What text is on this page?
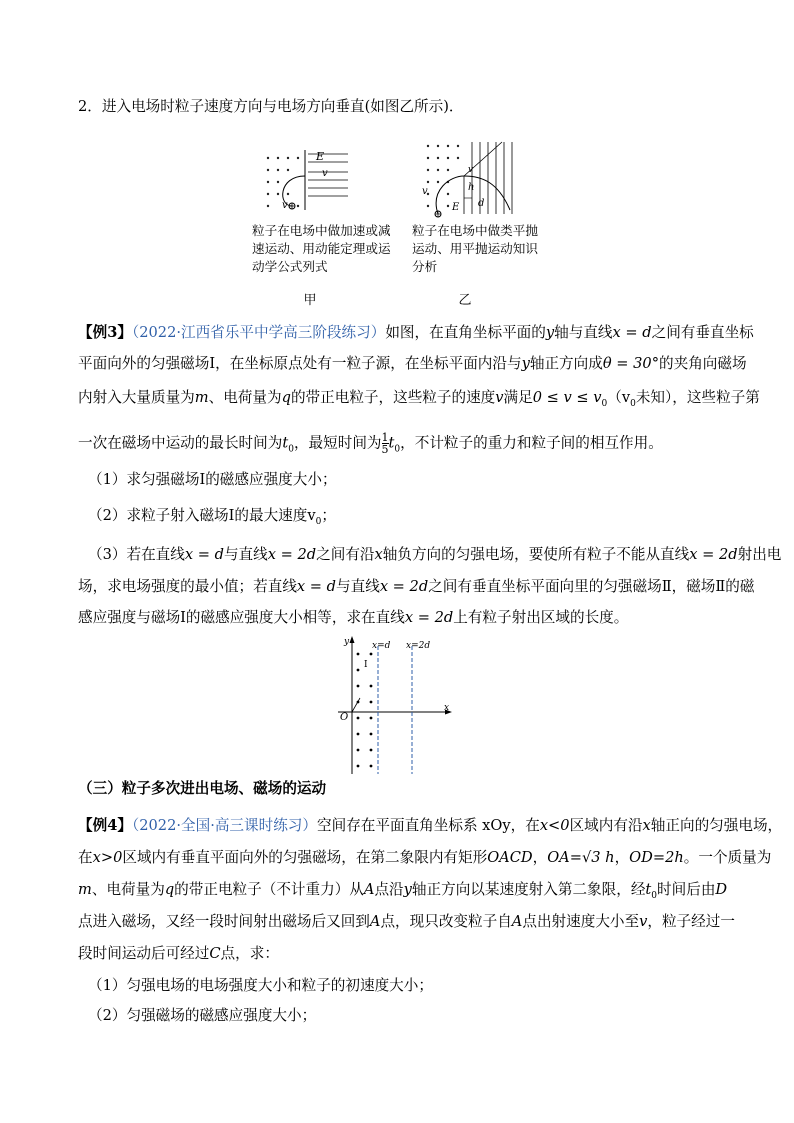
2．进入电场时粒子速度方向与电场方向垂直(如图乙所示)．
E
v
v
粒子在电场中做加速或减
速运动、用动能定理或运
动学公式列式
甲
v
v	h
E d
粒子在电场中做类平抛
运动、用平抛运动知识
分析
乙
【例3】（2022·江西省乐平中学高三阶段练习）如图，在直角坐标平面的y轴与直线x = d之间有垂直坐标
平面向外的匀强磁场Ⅰ，在坐标原点处有一粒子源，在坐标平面内沿与y轴正方向成θ = 30°的夹角向磁场
内射入大量质量为m、电荷量为q的带正电粒子，这些粒子的速度v满足$0 \le v \le v_0(v_0$未知），这些粒子第
一次在磁场中运动的最长时间为$t_0$，最短时间为 $\frac{1}{5} t_0$，不计粒子的重力和粒子间的相互作用。
（1）求匀强磁场Ⅰ的磁感应强度大小；
（2）求粒子射入磁场Ⅰ的最大速度$v_0$；
（3）若在直线x = d与直线x = 2d之间有沿x轴负方向的匀强电场，要使所有粒子不能从直线x = 2d射出电
场，求电场强度的最小值；若直线x = d与直线x = 2d之间有垂直坐标平面向里的匀强磁场Ⅱ，磁场Ⅱ的磁
感应强度与磁场Ⅰ的磁感应强度大小相等，求在直线x = 2d上有粒子射出区域的长度。
y	x=d x=2d
Ⅰ
O
x
（三）粒子多次进出电场、磁场的运动
【例4】（2022·全国·高三课时练习）空间存在平面直角坐标系 xOy，在x<0区域内有沿x轴正向的匀强电场，
在x>0区域内有垂直平面向外的匀强磁场，在第二象限内有矩形OACD，OA=√3 h，OD=2h。一个质量为
m、电荷量为q的带正电粒子（不计重力）从A点沿y轴正方向以某速度射入第二象限，经$t_0$时间后由D
点进入磁场，又经一段时间射出磁场后又回到A点，现只改变粒子自A点出射速度大小至v，粒子经过一
段时间运动后可经过C点，求：
（1）匀强电场的电场强度大小和粒子的初速度大小；
（2）匀强磁场的磁感应强度大小；
